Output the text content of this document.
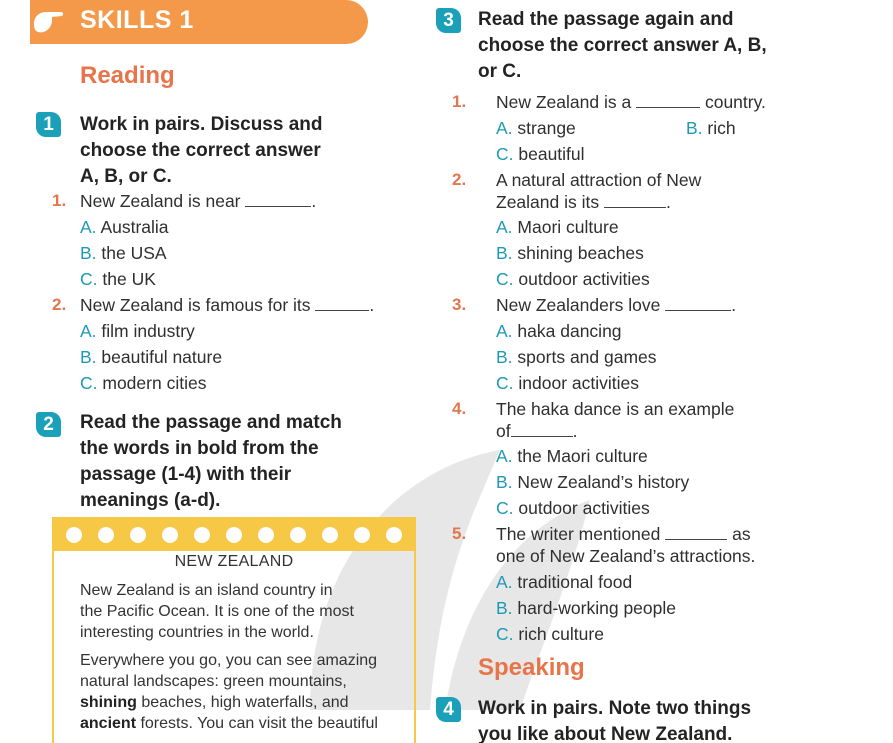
SKILLS 1
Reading
1	Work in pairs. Discuss and
choose the correct answer
A, B, or C.
1. New Zealand is near	.
A. Australia
B. the USA
C. the UK
2. New Zealand is famous for its	.
A. film industry
B. beautiful nature
C. modern cities
2	Read the passage and match
the words in bold from the
passage (1-4) with their
meanings (a-d).
NEW ZEALAND
New Zealand is an island country in
the Pacific Ocean. It is one of the most
interesting countries in the world.
Everywhere you go, you can see amazing
natural landscapes: green mountains,
shining beaches, high waterfalls, and
ancient forests. You can visit the beautiful
3	Read the passage again and
choose the correct answer A, B,
or C.
1. New Zealand is a	country.
A. strange	B. rich
C. beautiful
2. A natural attraction of New
Zealand is its	.
A. Maori culture
B. shining beaches
C. outdoor activities
3. New Zealanders love	.
A. haka dancing
B. sports and games
C. indoor activities
4. The haka dance is an example
of	.
A. the Maori culture
B. New Zealand’s history
C. outdoor activities
5. The writer mentioned	as
one of New Zealand’s attractions.
A. traditional food
B. hard-working people
C. rich culture
Speaking
4	Work in pairs. Note two things
you like about New Zealand.
